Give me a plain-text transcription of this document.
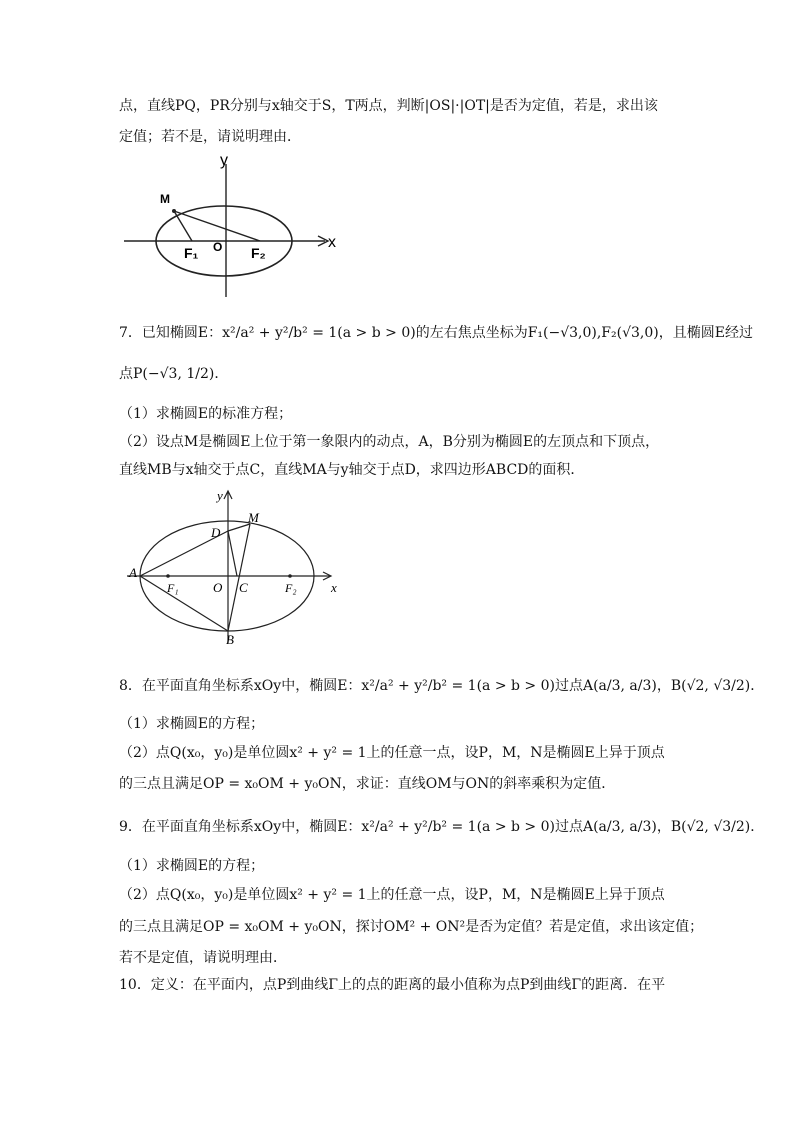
点，直线PQ，PR分别与x轴交于S，T两点，判断|OS|·|OT|是否为定值，若是，求出该
定值；若不是，请说明理由．
y
x
O
M
F₁	F₂
7．已知椭圆E：x²/a² + y²/b² = 1(a > b > 0)的左右焦点坐标为F₁(−√3,0),F₂(√3,0)，且椭圆E经过
点P(−√3, 1/2)．
（1）求椭圆E的标准方程；
（2）设点M是椭圆E上位于第一象限内的动点，A，B分别为椭圆E的左顶点和下顶点，
直线MB与x轴交于点C，直线MA与y轴交于点D，求四边形ABCD的面积．
y
x
O
A
B
C
D
M
F₁	F₂
8．在平面直角坐标系xOy中，椭圆E：x²/a² + y²/b² = 1(a > b > 0)过点A(a/3, a/3)，B(√2, √3/2)．
（1）求椭圆E的方程；
（2）点Q(x₀，y₀)是单位圆x² + y² = 1上的任意一点，设P，M，N是椭圆E上异于顶点
的三点且满足OP = x₀OM + y₀ON，求证：直线OM与ON的斜率乘积为定值．
9．在平面直角坐标系xOy中，椭圆E：x²/a² + y²/b² = 1(a > b > 0)过点A(a/3, a/3)，B(√2, √3/2)．
（1）求椭圆E的方程；
（2）点Q(x₀，y₀)是单位圆x² + y² = 1上的任意一点，设P，M，N是椭圆E上异于顶点
的三点且满足OP = x₀OM + y₀ON，探讨OM² + ON²是否为定值？若是定值，求出该定值；
若不是定值，请说明理由．
10．定义：在平面内，点P到曲线Γ上的点的距离的最小值称为点P到曲线Γ的距离．在平
